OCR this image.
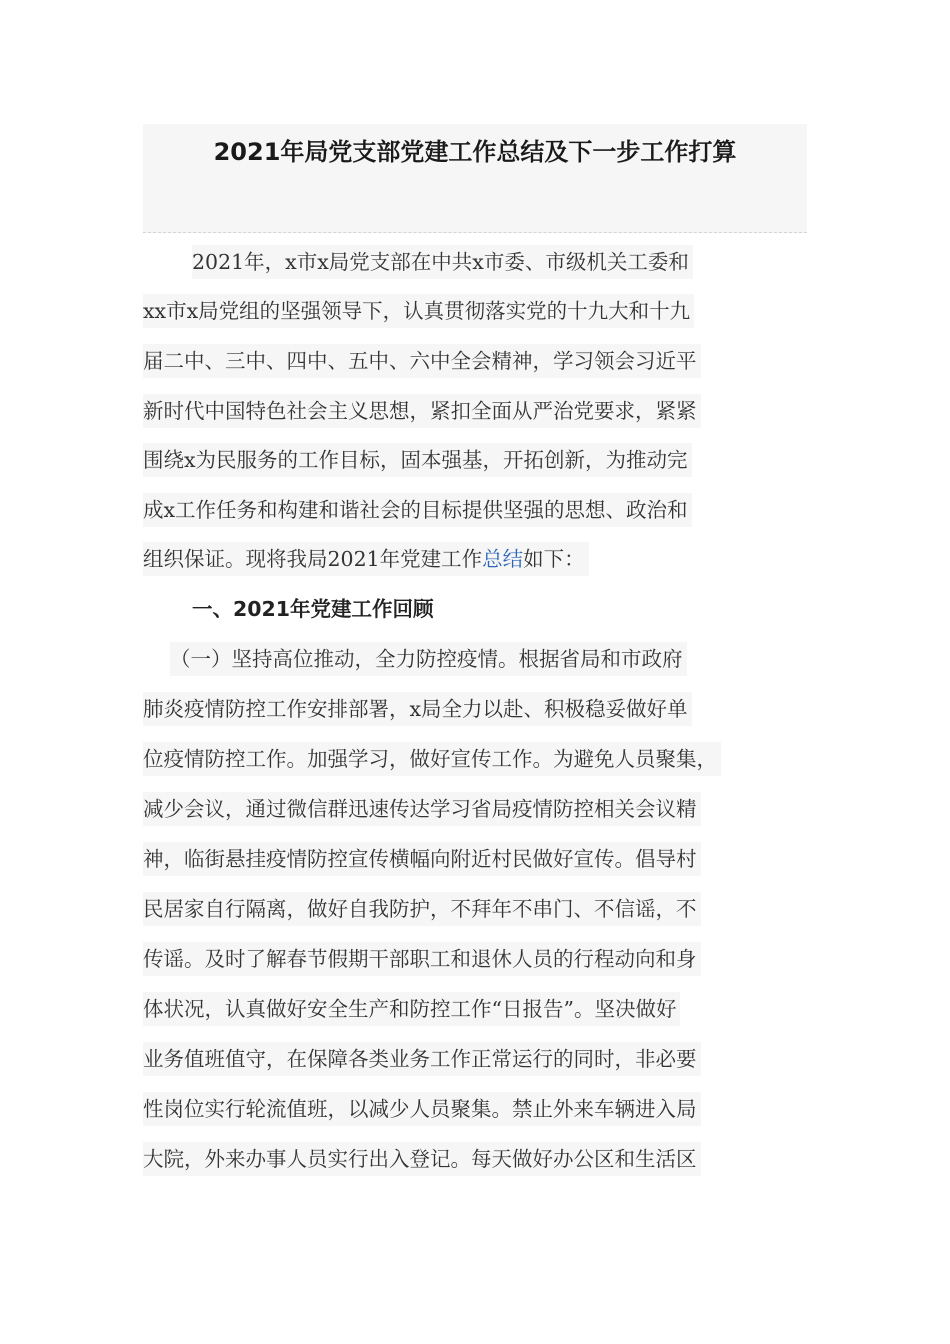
2021年局党支部党建工作总结及下一步工作打算
2021年，x市x局党支部在中共x市委、市级机关工委和
xx市x局党组的坚强领导下，认真贯彻落实党的十九大和十九
届二中、三中、四中、五中、六中全会精神，学习领会习近平
新时代中国特色社会主义思想，紧扣全面从严治党要求，紧紧
围绕x为民服务的工作目标，固本强基，开拓创新，为推动完
成x工作任务和构建和谐社会的目标提供坚强的思想、政治和
组织保证。现将我局2021年党建工作总结如下：
一、2021年党建工作回顾
（一）坚持高位推动，全力防控疫情。根据省局和市政府
肺炎疫情防控工作安排部署，x局全力以赴、积极稳妥做好单
位疫情防控工作。加强学习，做好宣传工作。为避免人员聚集，
减少会议，通过微信群迅速传达学习省局疫情防控相关会议精
神，临街悬挂疫情防控宣传横幅向附近村民做好宣传。倡导村
民居家自行隔离，做好自我防护，不拜年不串门、不信谣，不
传谣。及时了解春节假期干部职工和退休人员的行程动向和身
体状况，认真做好安全生产和防控工作“日报告”。坚决做好
业务值班值守，在保障各类业务工作正常运行的同时，非必要
性岗位实行轮流值班，以减少人员聚集。禁止外来车辆进入局
大院，外来办事人员实行出入登记。每天做好办公区和生活区
